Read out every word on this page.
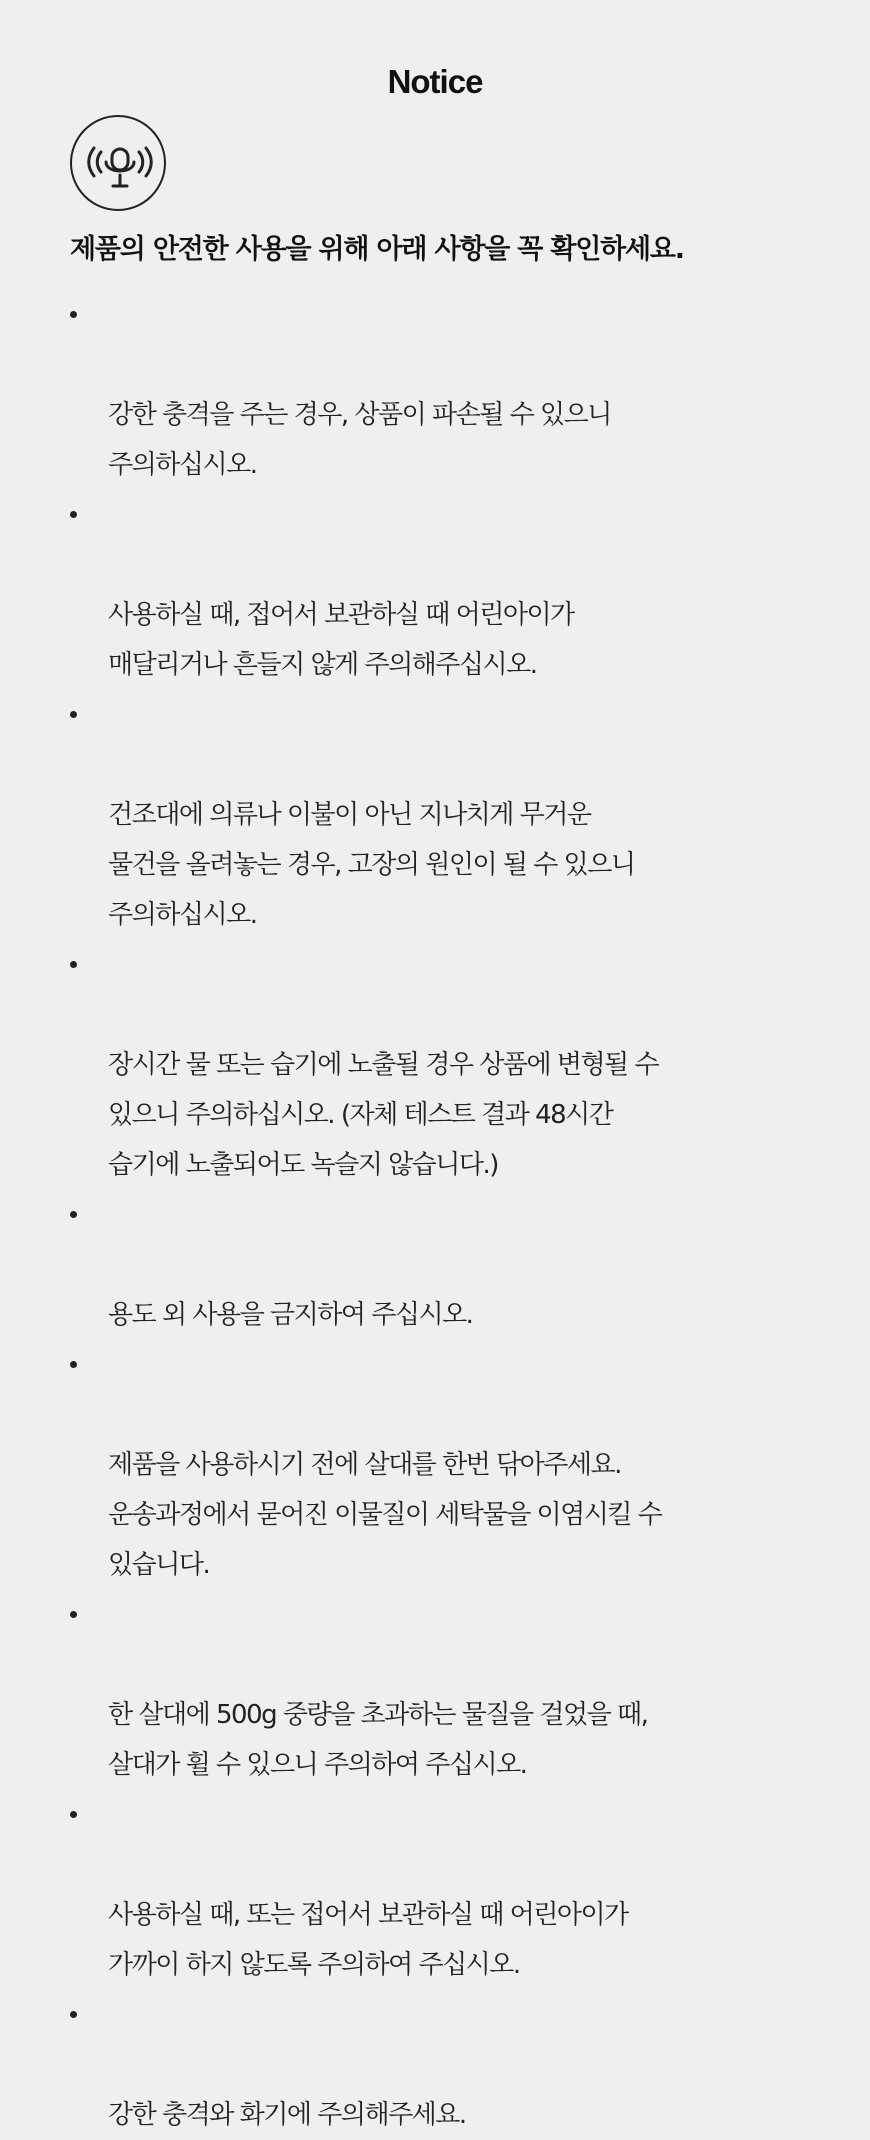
Notice
제품의 안전한 사용을 위해 아래 사항을 꼭 확인하세요.

강한 충격을 주는 경우, 상품이 파손될 수 있으니
주의하십시오.

사용하실 때, 접어서 보관하실 때 어린아이가
매달리거나 흔들지 않게 주의해주십시오.

건조대에 의류나 이불이 아닌 지나치게 무거운
물건을 올려놓는 경우, 고장의 원인이 될 수 있으니
주의하십시오.

장시간 물 또는 습기에 노출될 경우 상품에 변형될 수
있으니 주의하십시오. (자체 테스트 결과 48시간
습기에 노출되어도 녹슬지 않습니다.)

용도 외 사용을 금지하여 주십시오.

제품을 사용하시기 전에 살대를 한번 닦아주세요.
운송과정에서 묻어진 이물질이 세탁물을 이염시킬 수
있습니다.

한 살대에 500g 중량을 초과하는 물질을 걸었을 때,
살대가 휠 수 있으니 주의하여 주십시오.

사용하실 때, 또는 접어서 보관하실 때 어린아이가
가까이 하지 않도록 주의하여 주십시오.

강한 충격와 화기에 주의해주세요.
